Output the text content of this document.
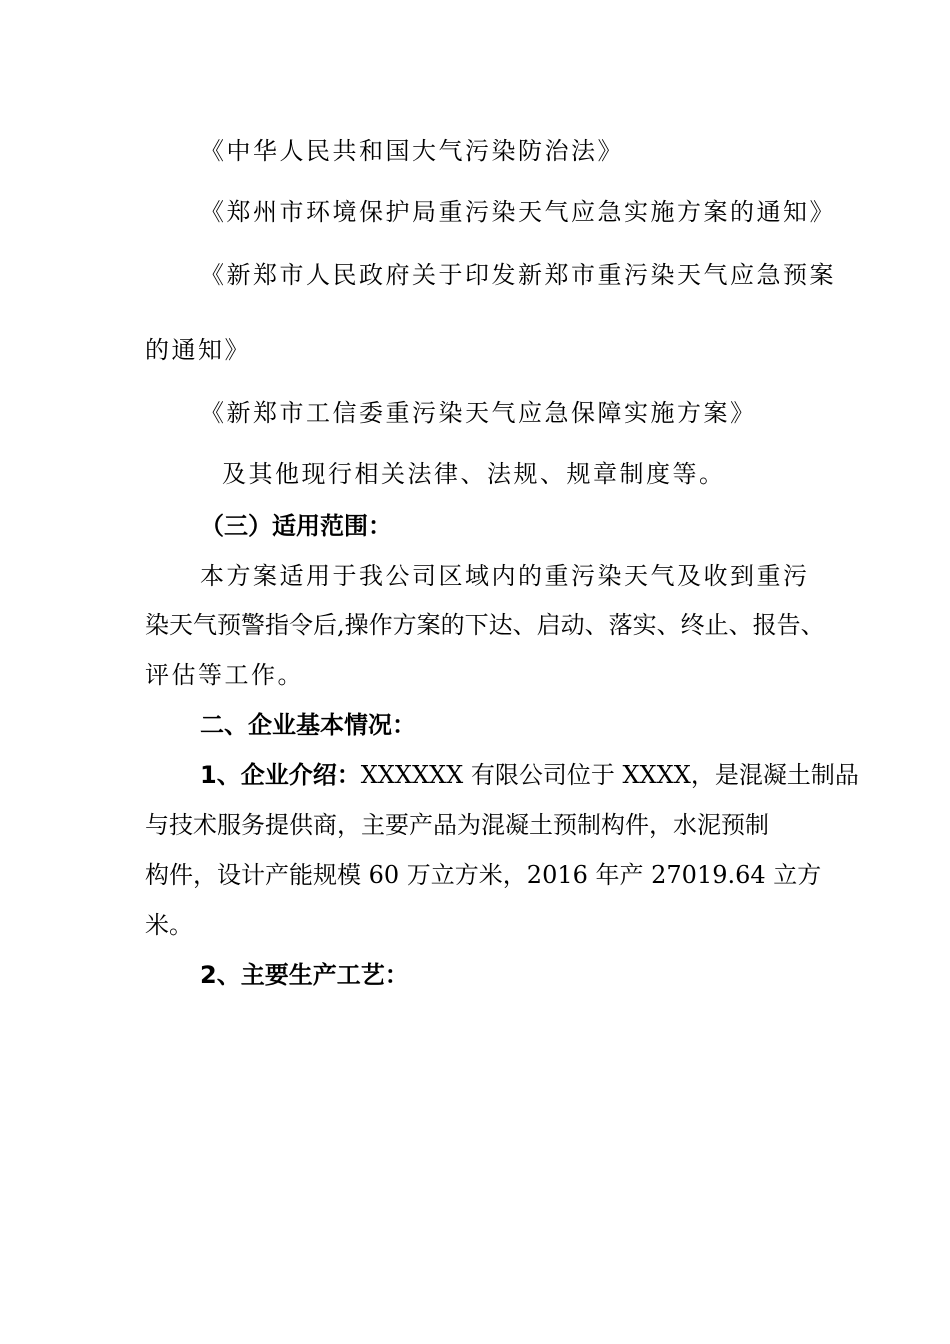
《中华人民共和国大气污染防治法》
《郑州市环境保护局重污染天气应急实施方案的通知》
《新郑市人民政府关于印发新郑市重污染天气应急预案
的通知》
《新郑市工信委重污染天气应急保障实施方案》
及其他现行相关法律、法规、规章制度等。
（三）适用范围：
本方案适用于我公司区域内的重污染天气及收到重污
染天气预警指令后,操作方案的下达、启动、落实、终止、报告、
评估等工作。
二、企业基本情况：
1、企业介绍：XXXXXX 有限公司位于 XXXX，是混凝土制品
与技术服务提供商，主要产品为混凝土预制构件，水泥预制
构件，设计产能规模 60 万立方米，2016 年产 27019.64 立方
米。
2、主要生产工艺：
